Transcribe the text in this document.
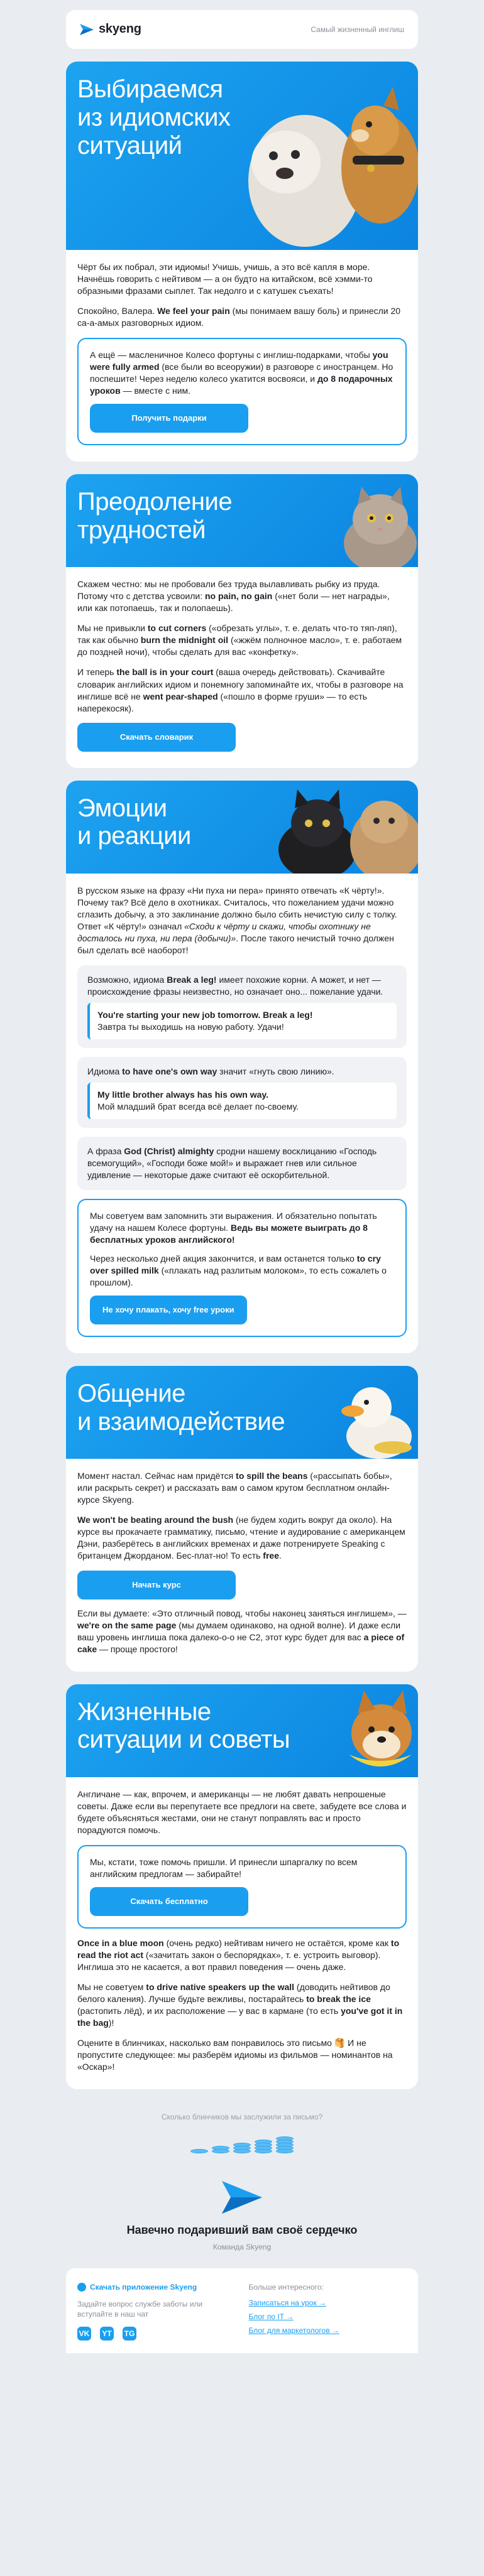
skyeng	Самый жизненный инглиш
Выбираемся
из идиомских
ситуаций

Чёрт бы их побрал, эти идиомы! Учишь, учишь, а это всё капля в море. Начнёшь говорить с нейтивом — а он будто на китайском, всё хэмми-то образными фразами сыплет. Так недолго и с катушек съехать!

Спокойно, Валера. We feel your pain (мы понимаем вашу боль) и принесли 20 са-а-амых разговорных идиом.

А ещё — масленичное Колесо фортуны с инглиш-подарками, чтобы you were fully armed (все были во всеоружии) в разговоре с иностранцем. Но поспешите! Через неделю колесо укатится восвояси, и до 8 подарочных уроков — вместе с ним.

Получить подарки
Преодоление
трудностей

Скажем честно: мы не пробовали без труда вылавливать рыбку из пруда. Потому что с детства усвоили: no pain, no gain («нет боли — нет награды», или как потопаешь, так и полопаешь).

Мы не привыкли to cut corners («обрезать углы», т. е. делать что-то тяп-ляп), так как обычно burn the midnight oil («жжём полночное масло», т. е. работаем до поздней ночи), чтобы сделать для вас «конфетку».

И теперь the ball is in your court (ваша очередь действовать). Скачивайте словарик английских идиом и понемногу запоминайте их, чтобы в разговоре на инглише всё не went pear-shaped («пошло в форме груши» — то есть наперекосяк).

Скачать словарик
Эмоции
и реакции

В русском языке на фразу «Ни пуха ни пера» принято отвечать «К чёрту!». Почему так? Всё дело в охотниках. Считалось, что пожеланием удачи можно сглазить добычу, а это заклинание должно было сбить нечистую силу с толку. Ответ «К чёрту!» означал «Сходи к чёрту и скажи, чтобы охотнику не досталось ни пуха, ни пера (добычи)». После такого нечистый точно должен был сделать всё наоборот!

Возможно, идиома Break a leg! имеет похожие корни. А может, и нет — происхождение фразы неизвестно, но означает оно... пожелание удачи.

You're starting your new job tomorrow. Break a leg!
Завтра ты выходишь на новую работу. Удачи!

Идиома to have one's own way значит «гнуть свою линию».

My little brother always has his own way.
Мой младший брат всегда всё делает по-своему.

А фраза God (Christ) almighty сродни нашему восклицанию «Господь всемогущий», «Господи боже мой!» и выражает гнев или сильное удивление — некоторые даже считают её оскорбительной.

Мы советуем вам запомнить эти выражения. И обязательно попытать удачу на нашем Колесе фортуны. Ведь вы можете выиграть до 8 бесплатных уроков английского!

Через несколько дней акция закончится, и вам останется только to cry over spilled milk («плакать над разлитым молоком», то есть сожалеть о прошлом).

Не хочу плакать, хочу free уроки
Общение
и взаимодействие

Момент настал. Сейчас нам придётся to spill the beans («рассыпать бобы», или раскрыть секрет) и рассказать вам о самом крутом бесплатном онлайн-курсе Skyeng.

We won't be beating around the bush (не будем ходить вокруг да около). На курсе вы прокачаете грамматику, письмо, чтение и аудирование с американцем Дэни, разберётесь в английских временах и даже потренируете Speaking с британцем Джорданом. Бес-плат-но! То есть free.

Начать курс

Если вы думаете: «Это отличный повод, чтобы наконец заняться инглишем», — we're on the same page (мы думаем одинаково, на одной волне). И даже если ваш уровень инглиша пока далеко-о-о не С2, этот курс будет для вас a piece of cake — проще простого!

Жизненные
ситуации и советы

Англичане — как, впрочем, и американцы — не любят давать непрошеные советы. Даже если вы перепутаете все предлоги на свете, забудете все слова и будете объясняться жестами, они не станут поправлять вас и просто порадуются помочь.

Мы, кстати, тоже помочь пришли. И принесли шпаргалку по всем английским предлогам — забирайте!

Скачать бесплатно

Once in a blue moon (очень редко) нейтивам ничего не остаётся, кроме как to read the riot act («зачитать закон о беспорядках», т. е. устроить выговор). Инглиша это не касается, а вот правил поведения — очень даже.

Мы не советуем to drive native speakers up the wall (доводить нейтивов до белого каления). Лучше будьте вежливы, постарайтесь to break the ice (растопить лёд), и их расположение — у вас в кармане (то есть you've got it in the bag)!

Оцените в блинчиках, насколько вам понравилось это письмо 🥞 И не пропустите следующее: мы разберём идиомы из фильмов — номинантов на «Оскар»!

Сколько блинчиков мы заслужили за письмо?
Навечно подаривший вам своё сердечко
Команда Skyeng
Скачать приложение Skyeng
Задайте вопрос службе заботы или вступайте в наш чат
VK YT TG
Больше интересного:
Записаться на урок →
Блог по IT →
Блог для маркетологов →
